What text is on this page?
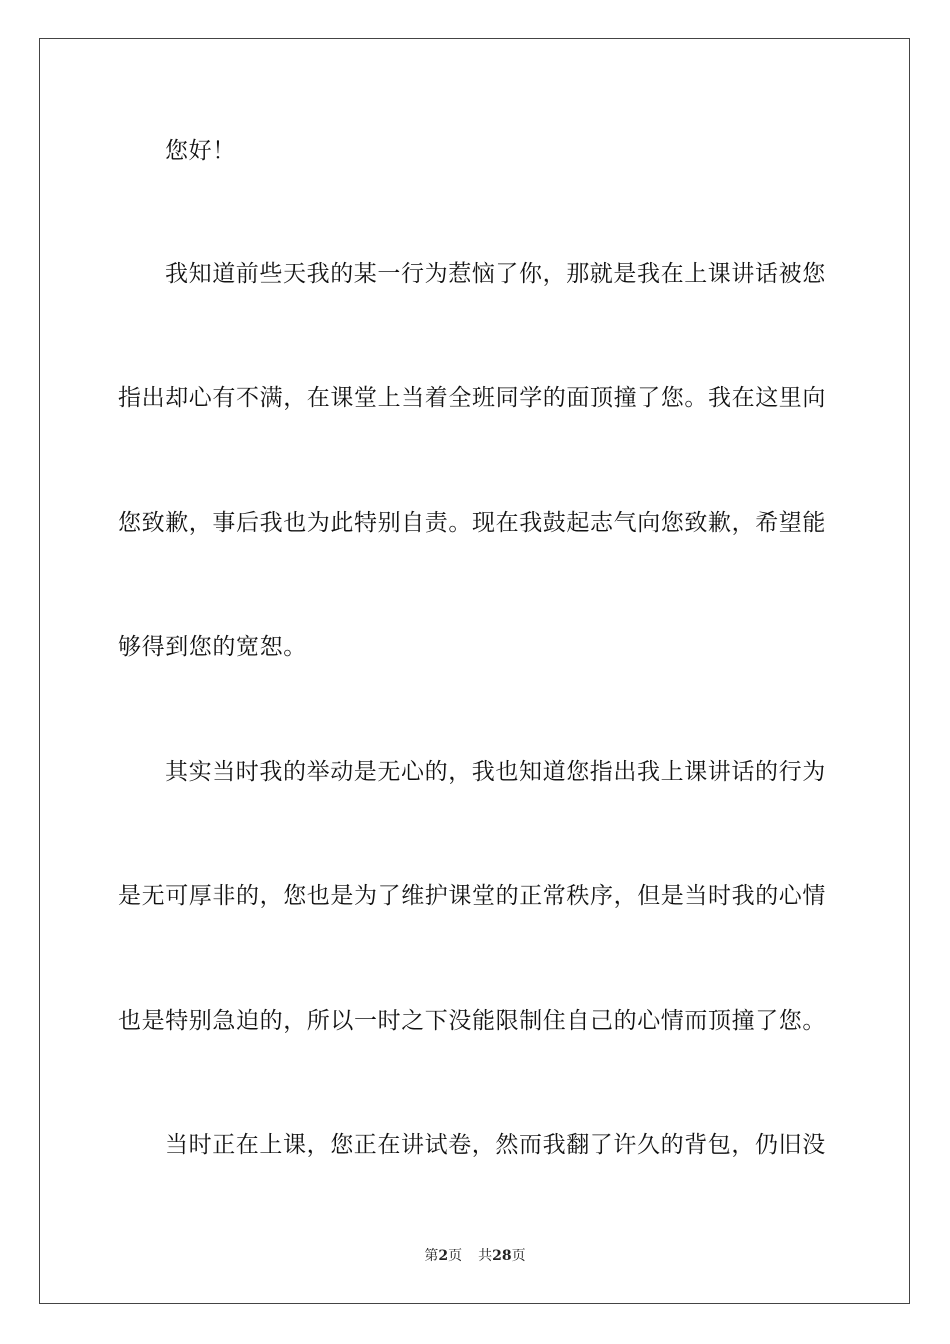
您好！
我知道前些天我的某一行为惹恼了你，那就是我在上课讲话被您
指出却心有不满，在课堂上当着全班同学的面顶撞了您。我在这里向
您致歉，事后我也为此特别自责。现在我鼓起志气向您致歉，希望能
够得到您的宽恕。
其实当时我的举动是无心的，我也知道您指出我上课讲话的行为
是无可厚非的，您也是为了维护课堂的正常秩序，但是当时我的心情
也是特别急迫的，所以一时之下没能限制住自己的心情而顶撞了您。
当时正在上课，您正在讲试卷，然而我翻了许久的背包，仍旧没
第2页 共28页
